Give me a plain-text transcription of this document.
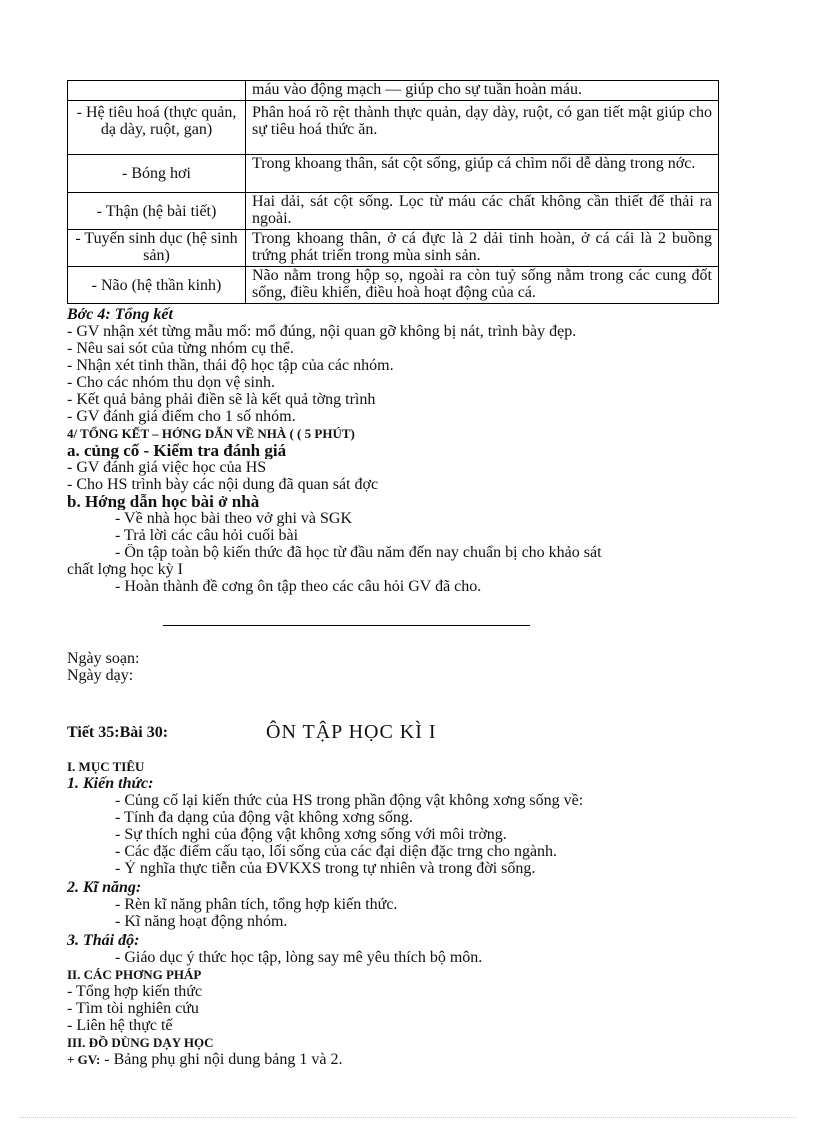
	máu vào động mạch — giúp cho sự tuần hoàn máu.
- Hệ tiêu hoá (thực quản, dạ dày, ruột, gan)	Phân hoá rõ rệt thành thực quản, dạy dày, ruột, có gan tiết mật giúp cho sự tiêu hoá thức ăn.
- Bóng hơi	Trong khoang thân, sát cột sống, giúp cá chìm nổi dễ dàng trong nớc.
- Thận (hệ bài tiết)	Hai dải, sát cột sống. Lọc từ máu các chất không cần thiết để thải ra ngoài.
- Tuyến sinh dục (hệ sinh sản)	Trong khoang thân, ở cá đực là 2 dải tinh hoàn, ở cá cái là 2 buồng trứng phát triển trong mùa sinh sản.
- Não (hệ thần kinh)	Não nằm trong hộp sọ, ngoài ra còn tuỷ sống nằm trong các cung đốt sống, điều khiển, điều hoà hoạt động của cá.
Bớc 4: Tổng kết
- GV nhận xét từng mẫu mổ: mổ đúng, nội quan gỡ không bị nát, trình bày đẹp.
- Nêu sai sót của từng nhóm cụ thể.
- Nhận xét tinh thần, thái độ học tập của các nhóm.
- Cho các nhóm thu dọn vệ sinh.
- Kết quả bảng phải điền sẽ là kết quả tờng trình
- GV đánh giá điểm cho 1 số nhóm.
4/ TỔNG KẾT – HỚNG DẪN VỀ NHÀ ( ( 5 PHÚT)
a. củng cố - Kiểm tra đánh giá
- GV đánh giá việc học của HS
- Cho HS trình bày các nội dung đã quan sát đợc
b. Hớng dẫn học bài ở nhà
- Về nhà học bài theo vở ghi và SGK
- Trả lời các câu hỏi cuối bài
- Ôn tập toàn bộ kiến thức đã học từ đầu năm đến nay chuẩn bị cho khảo sát
chất lợng học kỳ I
- Hoàn thành đề cơng ôn tập theo các câu hỏi GV đã cho.
Ngày soạn:
Ngày dạy:
Tiết 35:Bài 30:	ÔN TẬP HỌC KÌ I
I. MỤC TIÊU
1. Kiến thức:
- Củng cố lại kiến thức của HS trong phần động vật không xơng sống về:
- Tính đa dạng của động vật không xơng sống.
- Sự thích nghi của động vật không xơng sống với môi trờng.
- Các đặc điểm cấu tạo, lối sống của các đại diện đặc trng cho ngành.
- Ý nghĩa thực tiễn của ĐVKXS trong tự nhiên và trong đời sống.
2. Kĩ năng:
- Rèn kĩ năng phân tích, tổng hợp kiến thức.
- Kĩ năng hoạt động nhóm.
3. Thái độ:
- Giáo dục ý thức học tập, lòng say mê yêu thích bộ môn.
II. CÁC PHƠNG PHÁP
- Tổng hợp kiến thức
- Tìm tòi nghiên cứu
- Liên hệ thực tế
III. ĐỒ DÙNG DẠY HỌC
+ GV: - Bảng phụ ghi nội dung bảng 1 và 2.
